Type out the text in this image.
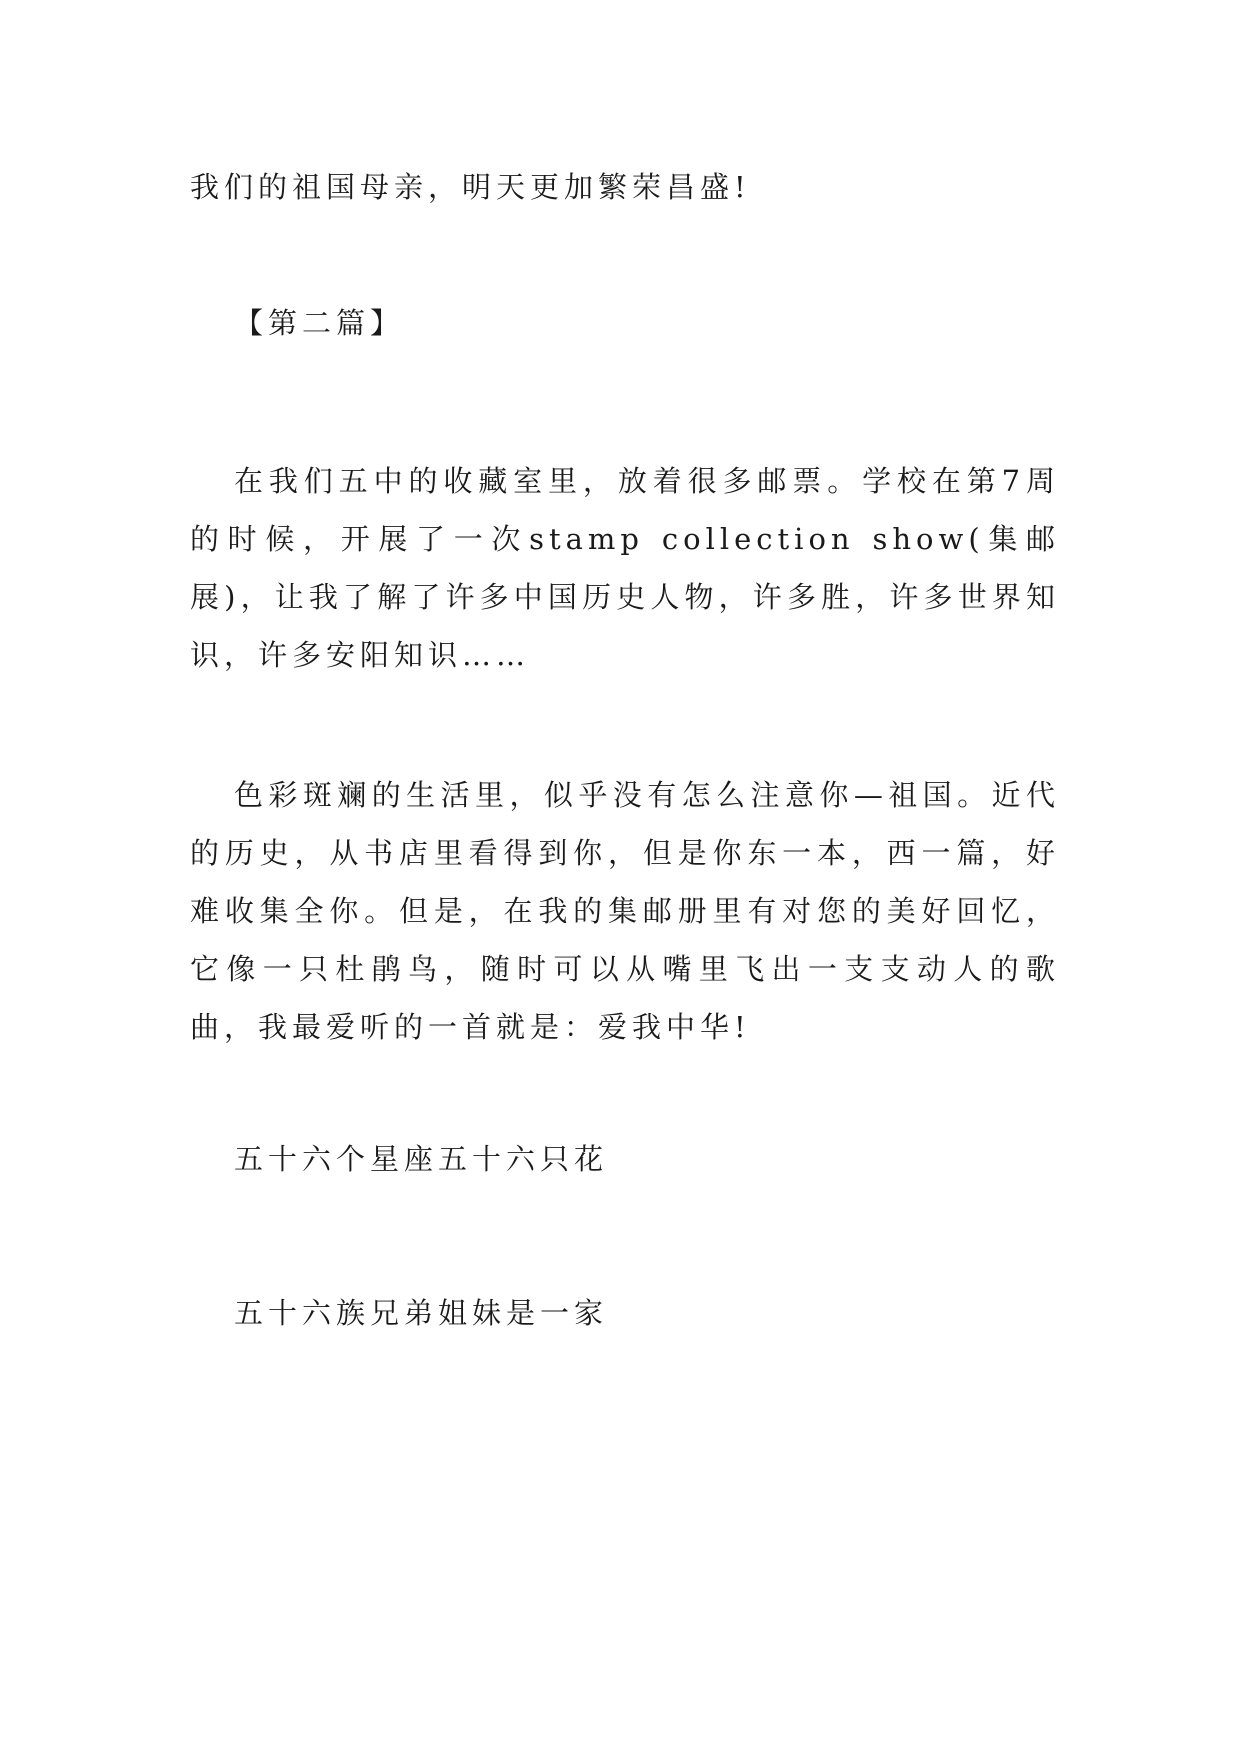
我们的祖国母亲，明天更加繁荣昌盛!

【第二篇】

在我们五中的收藏室里，放着很多邮票。学校在第7周的时候，开展了一次stamp collection show(集邮展)，让我了解了许多中国历史人物，许多胜，许多世界知识，许多安阳知识……

色彩斑斓的生活里，似乎没有怎么注意你—祖国。近代的历史，从书店里看得到你，但是你东一本，西一篇，好难收集全你。但是，在我的集邮册里有对您的美好回忆，它像一只杜鹃鸟，随时可以从嘴里飞出一支支动人的歌曲，我最爱听的一首就是：爱我中华!

五十六个星座五十六只花

五十六族兄弟姐妹是一家
